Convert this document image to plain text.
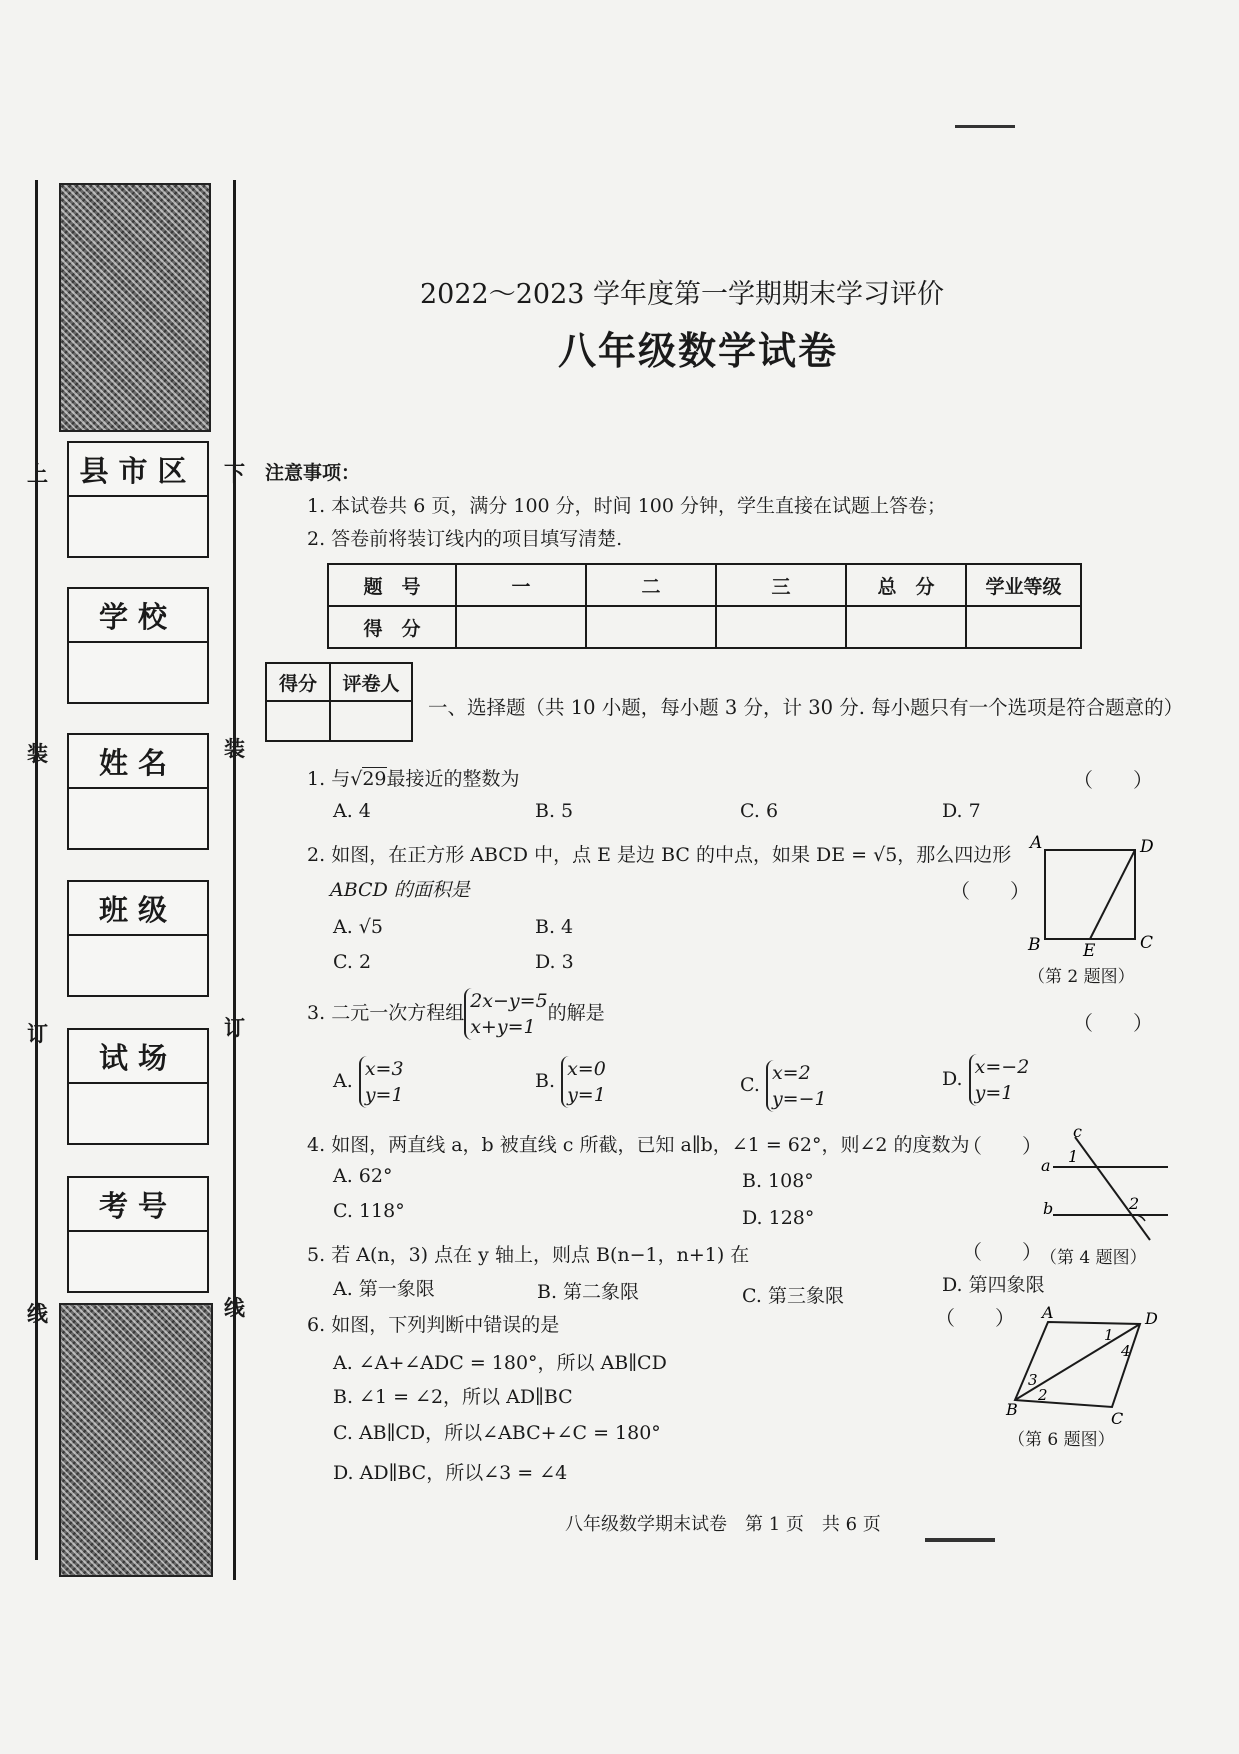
县市区
学校
姓名
班级
试场
考号
上
装
订
线
下
装
订
线
2022～2023 学年度第一学期期末学习评价
八年级数学试卷
注意事项：
1. 本试卷共 6 页，满分 100 分，时间 100 分钟，学生直接在试题上答卷；
2. 答卷前将装订线内的项目填写清楚.
题　号	一	二	三	总　分	学业等级
得　分					
得分	评卷人

一、选择题（共 10 小题，每小题 3 分，计 30 分. 每小题只有一个选项是符合题意的）
1. 与√29最接近的整数为	（　　）
A. 4	B. 5	C. 6	D. 7
2. 如图，在正方形 ABCD 中，点 E 是边 BC 的中点，如果 DE = √5，那么四边形
ABCD 的面积是	（　　）
A. √5	B. 4
C. 2	D. 3
A	D
B	E	C
（第 2 题图）
3. 二元一次方程组2x−y=5
x+y=1的解是	（　　）
A. x=3
y=1
B. x=0
y=1	C. x=2
y=−1
D. x=−2
y=1
4. 如图，两直线 a，b 被直线 c 所截，已知 a∥b，∠1 = 62°，则∠2 的度数为
（　　）
A. 62°	B. 108°
C. 118°	D. 128°
c
1
a
b	2
（第 4 题图）
5. 若 A(n，3) 点在 y 轴上，则点 B(n−1，n+1) 在	（　　）
A. 第一象限	B. 第二象限	C. 第三象限	D. 第四象限
6. 如图，下列判断中错误的是	（　　）
A. ∠A+∠ADC = 180°，所以 AB∥CD
B. ∠1 = ∠2，所以 AD∥BC
C. AB∥CD，所以∠ABC+∠C = 180°
D. AD∥BC，所以∠3 = ∠4
A	D
1
4
3
2
B	C
（第 6 题图）
八年级数学期末试卷　第 1 页　共 6 页
